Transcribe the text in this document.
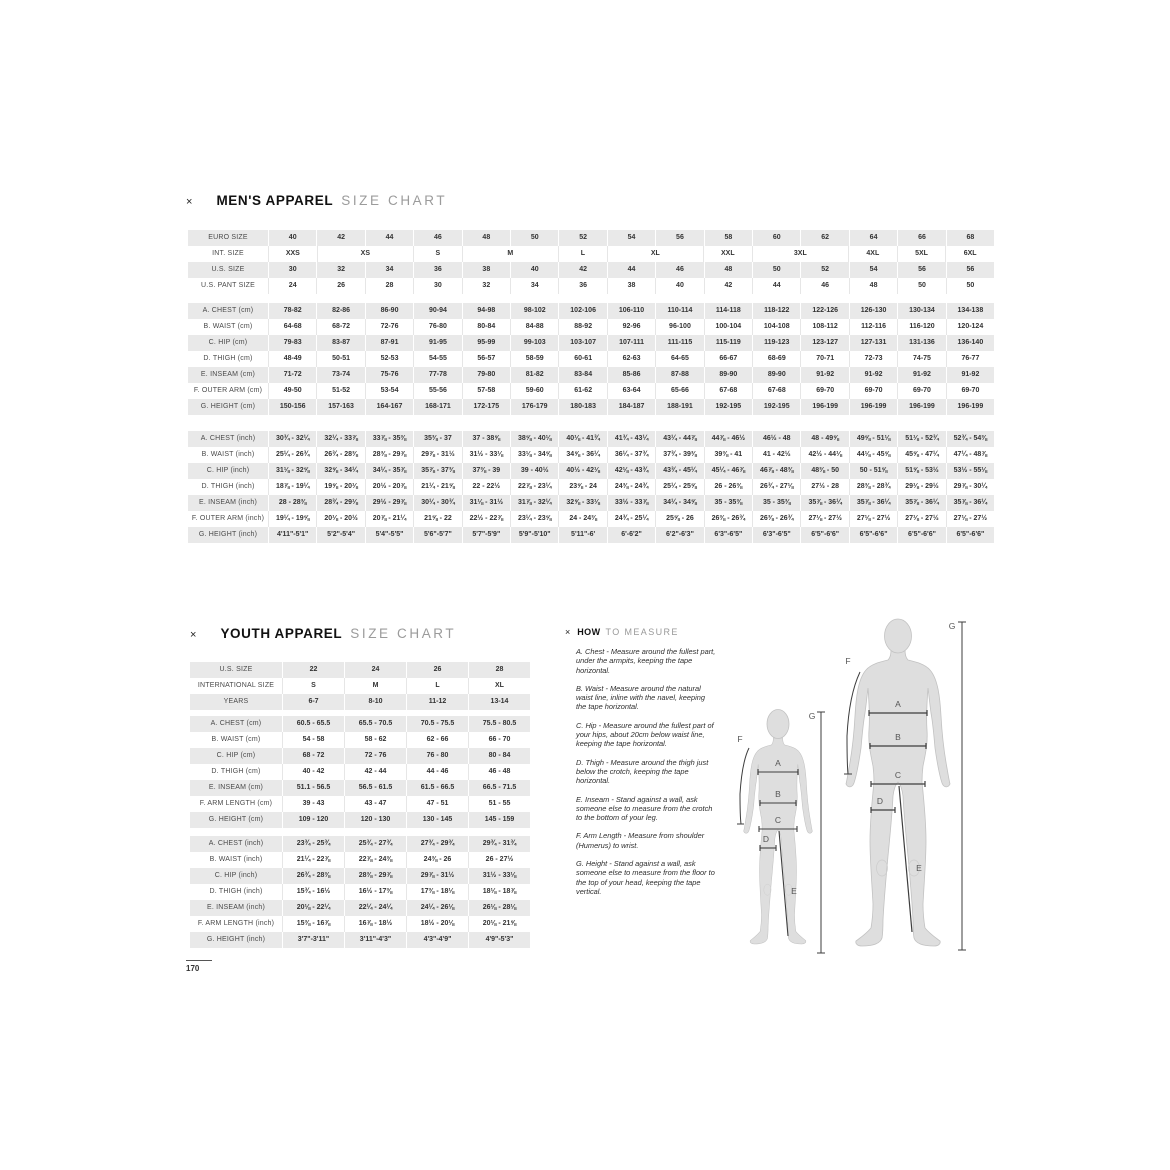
× MEN'S APPAREL SIZE CHART
EURO SIZE	40	42	44	46	48	50	52	54	56	58	60	62	64	66	68
INT. SIZE	XXS	XS	S	M	L	XL	XXL	3XL	4XL	5XL	6XL
U.S. SIZE	30	32	34	36	38	40	42	44	46	48	50	52	54	56	56
U.S. PANT SIZE	24	26	28	30	32	34	36	38	40	42	44	46	48	50	50
A. CHEST (cm)	78-82	82-86	86-90	90-94	94-98	98-102	102-106	106-110	110-114	114-118	118-122	122-126	126-130	130-134	134-138
B. WAIST (cm)	64-68	68-72	72-76	76-80	80-84	84-88	88-92	92-96	96-100	100-104	104-108	108-112	112-116	116-120	120-124
C. HIP (cm)	79-83	83-87	87-91	91-95	95-99	99-103	103-107	107-111	111-115	115-119	119-123	123-127	127-131	131-136	136-140
D. THIGH (cm)	48-49	50-51	52-53	54-55	56-57	58-59	60-61	62-63	64-65	66-67	68-69	70-71	72-73	74-75	76-77
E. INSEAM (cm)	71-72	73-74	75-76	77-78	79-80	81-82	83-84	85-86	87-88	89-90	89-90	91-92	91-92	91-92	91-92
F. OUTER ARM (cm)	49-50	51-52	53-54	55-56	57-58	59-60	61-62	63-64	65-66	67-68	67-68	69-70	69-70	69-70	69-70
G. HEIGHT (cm)	150-156	157-163	164-167	168-171	172-175	176-179	180-183	184-187	188-191	192-195	192-195	196-199	196-199	196-199	196-199
A. CHEST (inch)	30¾ - 32¼	32¼ - 33⅞	33⅞ - 35⅜	35⅜ - 37	37 - 38⅝	38⅝ - 40⅛	40⅛ - 41¾	41¾ - 43¼	43¼ - 44⅞	44⅞ - 46½	46½ - 48	48 - 49⅝	49⅝ - 51⅛	51⅛ - 52¾	52¾ - 54⅜
B. WAIST (inch)	25¼ - 26¾	26¾ - 28⅜	28⅜ - 29⅞	29⅞ - 31½	31½ - 33⅛	33⅛ - 34⅝	34⅝ - 36¼	36¼ - 37¾	37¾ - 39⅜	39⅜ - 41	41 - 42½	42½ - 44⅛	44⅛ - 45⅝	45⅝ - 47¼	47¼ - 48⅞
C. HIP (inch)	31⅛ - 32⅝	32⅝ - 34¼	34¼ - 35⅞	35⅞ - 37⅜	37⅜ - 39	39 - 40½	40½ - 42⅛	42⅛ - 43¾	43¾ - 45¼	45¼ - 46⅞	46⅞ - 48⅜	48⅜ - 50	50 - 51⅝	51⅝ - 53½	53½ - 55⅛
D. THIGH (inch)	18⅞ - 19¼	19⅝ - 20⅛	20½ - 20⅞	21¼ - 21⅝	22 - 22½	22⅞ - 23¼	23⅝ - 24	24⅜ - 24¾	25¼ - 25⅝	26 - 26⅜	26¾ - 27⅛	27½ - 28	28⅜ - 28¾	29⅛ - 29½	29⅞ - 30¼
E. INSEAM (inch)	28 - 28⅜	28¾ - 29⅛	29½ - 29⅞	30¼ - 30¾	31⅛ - 31½	31⅞ - 32¼	32⅝ - 33⅛	33½ - 33⅞	34¼ - 34⅝	35 - 35⅜	35 - 35⅜	35⅞ - 36¼	35⅞ - 36¼	35⅞ - 36¼	35⅞ - 36¼
F. OUTER ARM (inch)	19¼ - 19⅝	20⅛ - 20½	20⅞ - 21¼	21⅝ - 22	22½ - 22⅞	23¼ - 23⅝	24 - 24⅜	24¾ - 25¼	25⅝ - 26	26⅜ - 26¾	26⅜ - 26¾	27⅛ - 27½	27⅛ - 27½	27⅛ - 27½	27⅛ - 27½
G. HEIGHT (inch)	4'11"-5'1"	5'2"-5'4"	5'4"-5'5"	5'6"-5'7"	5'7"-5'9"	5'9"-5'10"	5'11"-6'	6'-6'2"	6'2"-6'3"	6'3"-6'5"	6'3"-6'5"	6'5"-6'6"	6'5"-6'6"	6'5"-6'6"	6'5"-6'6"
× YOUTH APPAREL SIZE CHART
U.S. SIZE	22	24	26	28
INTERNATIONAL SIZE	S	M	L	XL
YEARS	6-7	8-10	11-12	13-14
A. CHEST (cm)	60.5 - 65.5	65.5 - 70.5	70.5 - 75.5	75.5 - 80.5
B. WAIST (cm)	54 - 58	58 - 62	62 - 66	66 - 70
C. HIP (cm)	68 - 72	72 - 76	76 - 80	80 - 84
D. THIGH (cm)	40 - 42	42 - 44	44 - 46	46 - 48
E. INSEAM (cm)	51.1 - 56.5	56.5 - 61.5	61.5 - 66.5	66.5 - 71.5
F. ARM LENGTH (cm)	39 - 43	43 - 47	47 - 51	51 - 55
G. HEIGHT (cm)	109 - 120	120 - 130	130 - 145	145 - 159
A. CHEST (inch)	23¾ - 25¾	25¾ - 27¾	27¾ - 29¾	29¾ - 31¾
B. WAIST (inch)	21¼ - 22⅞	22⅞ - 24⅜	24⅜ - 26	26 - 27½
C. HIP (inch)	26¾ - 28⅜	28⅜ - 29⅞	29⅞ - 31½	31½ - 33⅛
D. THIGH (inch)	15¾ - 16½	16½ - 17⅜	17⅜ - 18⅛	18⅛ - 18⅞
E. INSEAM (inch)	20⅛ - 22¼	22¼ - 24¼	24¼ - 26⅛	26⅛ - 28⅛
F. ARM LENGTH (inch)	15⅜ - 16⅞	16⅞ - 18½	18½ - 20⅛	20⅛ - 21⅝
G. HEIGHT (inch)	3'7"-3'11"	3'11"-4'3"	4'3"-4'9"	4'9"-5'3"
× HOW TO MEASURE

A. Chest - Measure around the fullest part, under the armpits, keeping the tape horizontal.

B. Waist - Measure around the natural waist line, inline with the navel, keeping the tape horizontal.

C. Hip - Measure around the fullest part of your hips, about 20cm below waist line, keeping the tape horizontal.

D. Thigh - Measure around the thigh just below the crotch, keeping the tape horizontal.

E. Inseam - Stand against a wall, ask someone else to measure from the crotch to the bottom of your leg.

F. Arm Length - Measure from shoulder (Humerus) to wrist.

G. Height - Stand against a wall, ask someone else to measure from the floor to the top of your head, keeping the tape vertical.

A
B
C
D
E
F
G
A
B
C
D
E
F
G
170
